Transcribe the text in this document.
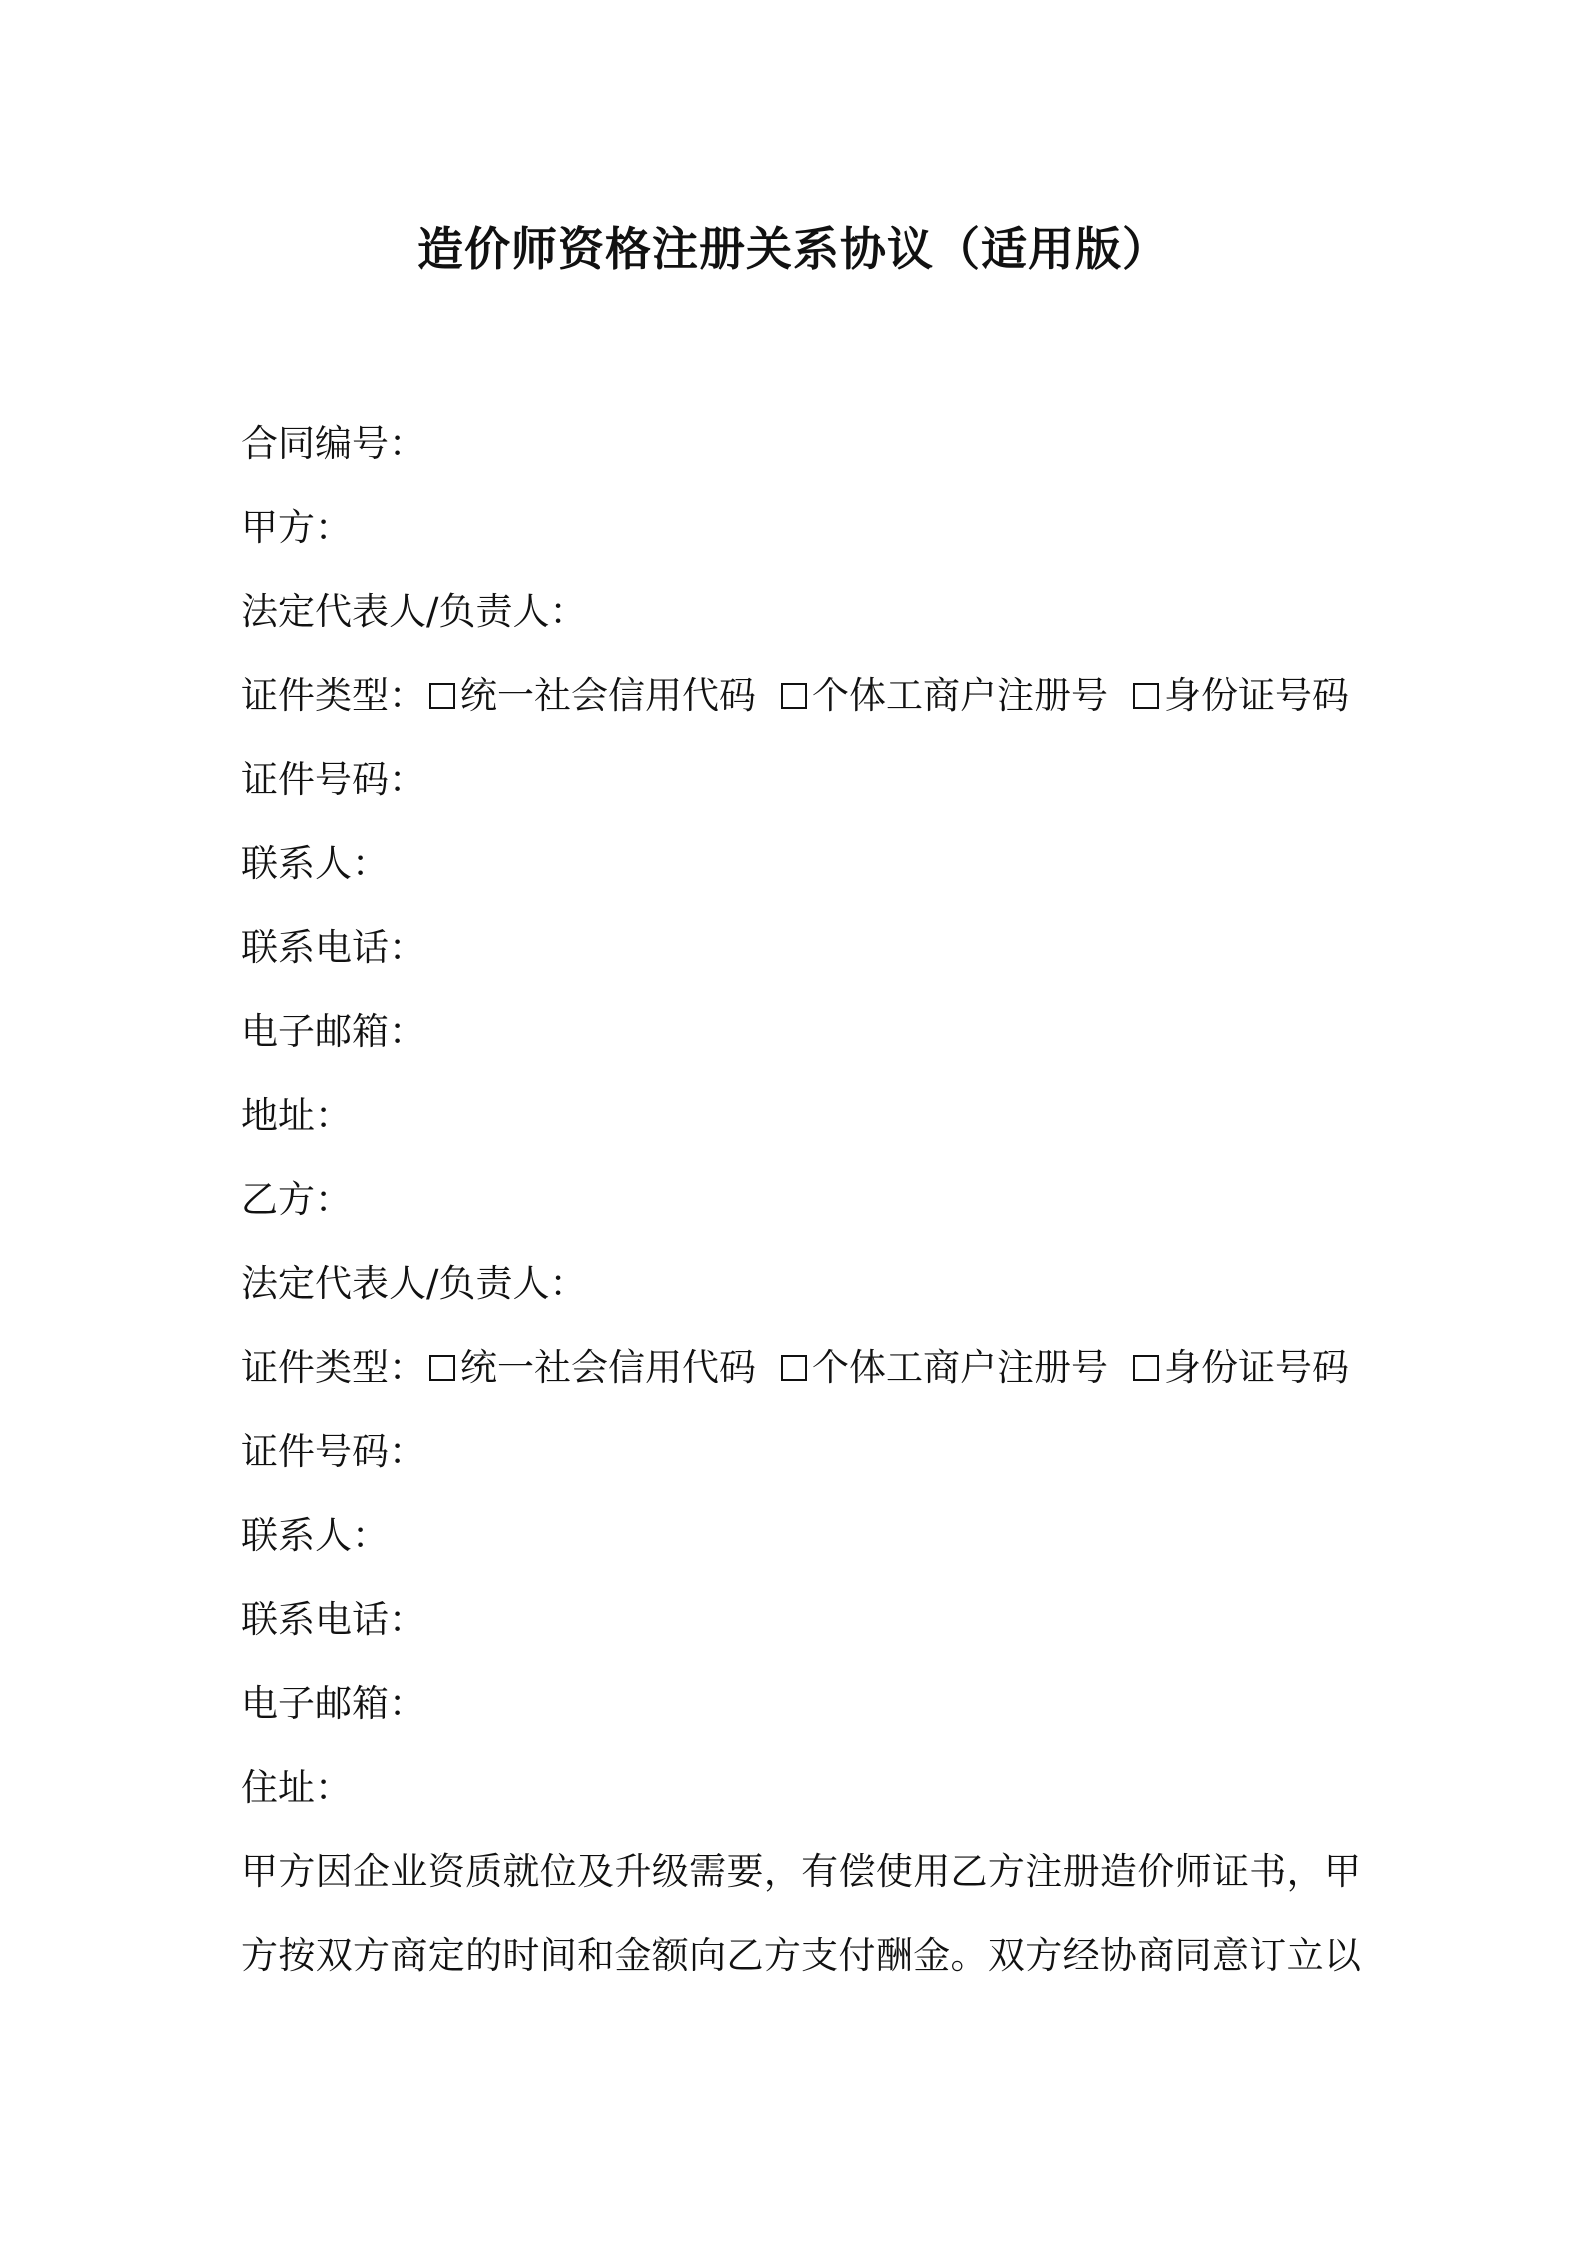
造价师资格注册关系协议（适用版）
合同编号：
甲方：
法定代表人/负责人：
证件类型： 统一社会信用代码 个体工商户注册号 身份证号码
证件号码：
联系人：
联系电话：
电子邮箱：
地址：
乙方：
法定代表人/负责人：
证件类型： 统一社会信用代码 个体工商户注册号 身份证号码
证件号码：
联系人：
联系电话：
电子邮箱：
住址：
甲方因企业资质就位及升级需要，有偿使用乙方注册造价师证书，甲
方按双方商定的时间和金额向乙方支付酬金。双方经协商同意订立以
